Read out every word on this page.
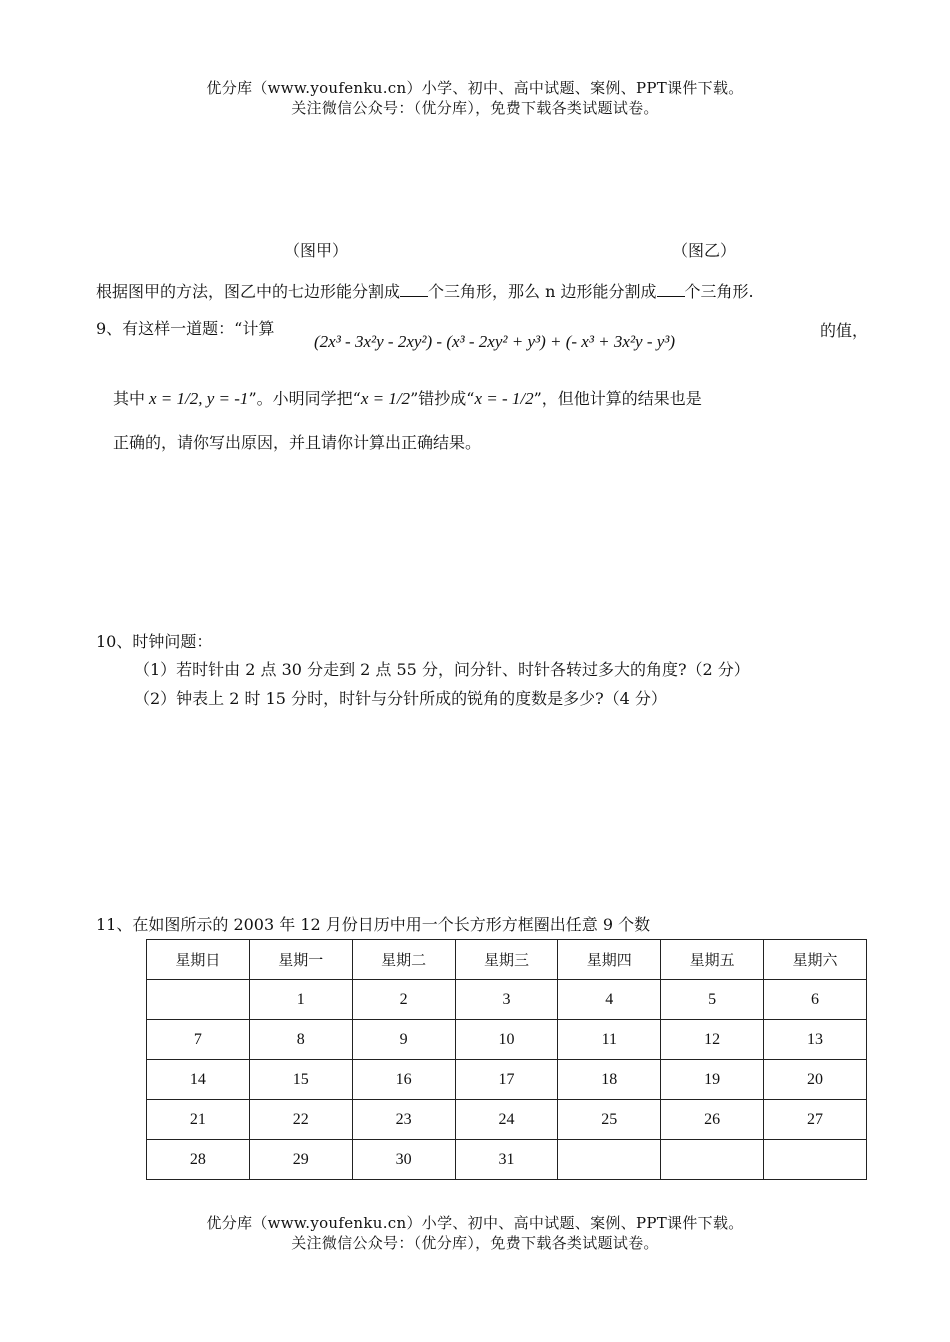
优分库（www.youfenku.cn）小学、初中、高中试题、案例、PPT课件下载。
关注微信公众号：（优分库），免费下载各类试题试卷。
（图甲）	（图乙）
根据图甲的方法，图乙中的七边形能分割成 个三角形，那么 n 边形能分割成 个三角形.
9、有这样一道题：“计算
(2x³ - 3x²y - 2xy²) - (x³ - 2xy² + y³) + (- x³ + 3x²y - y³)
的值，
其中 x = 1/2, y = -1 ”。小明同学把“ x = 1/2 ”错抄成“ x = - 1/2 ”，但他计算的结果也是
正确的，请你写出原因，并且请你计算出正确结果。
10、时钟问题：
（1）若时针由 2 点 30 分走到 2 点 55 分，问分针、时针各转过多大的角度?（2 分）
（2）钟表上 2 时 15 分时，时针与分针所成的锐角的度数是多少?（4 分）
11、在如图所示的 2003 年 12 月份日历中用一个长方形方框圈出任意 9 个数
星期日	星期一	星期二	星期三	星期四	星期五	星期六
	1	2	3	4	5	6
7	8	9	10	11	12	13
14	15	16	17	18	19	20
21	22	23	24	25	26	27
28	29	30	31			
优分库（www.youfenku.cn）小学、初中、高中试题、案例、PPT课件下载。
关注微信公众号：（优分库），免费下载各类试题试卷。
